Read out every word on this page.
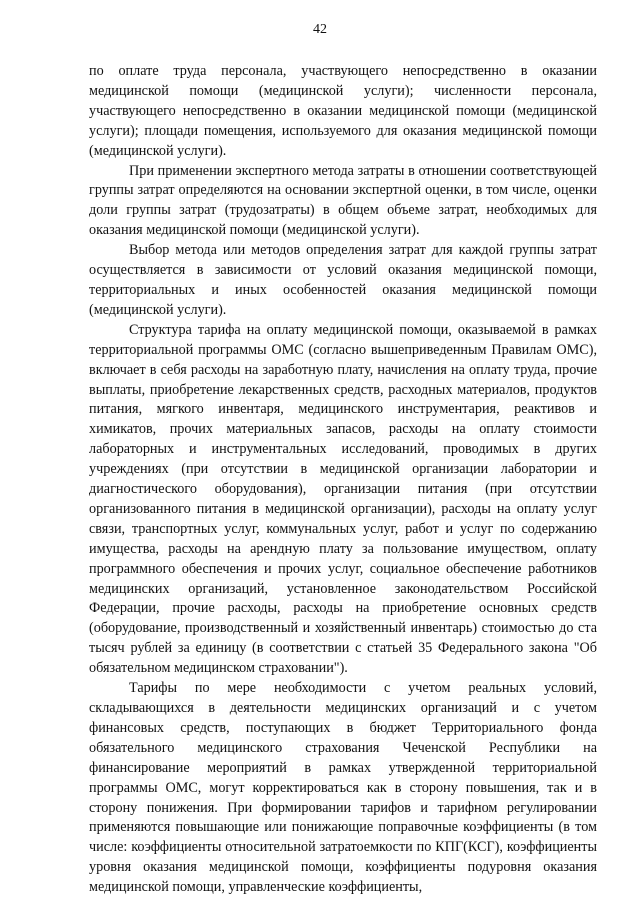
42

по оплате труда персонала, участвующего непосредственно в оказании медицинской помощи (медицинской услуги); численности персонала, участвующего непосредственно в оказании медицинской помощи (медицинской услуги); площади помещения, используемого для оказания медицинской помощи (медицинской услуги).

При применении экспертного метода затраты в отношении соответствующей группы затрат определяются на основании экспертной оценки, в том числе, оценки доли группы затрат (трудозатраты) в общем объеме затрат, необходимых для оказания медицинской помощи (медицинской услуги).

Выбор метода или методов определения затрат для каждой группы затрат осуществляется в зависимости от условий оказания медицинской помощи, территориальных и иных особенностей оказания медицинской помощи (медицинской услуги).

Структура тарифа на оплату медицинской помощи, оказываемой в рамках территориальной программы ОМС (согласно вышеприведенным Правилам ОМС), включает в себя расходы на заработную плату, начисления на оплату труда, прочие выплаты, приобретение лекарственных средств, расходных материалов, продуктов питания, мягкого инвентаря, медицинского инструментария, реактивов и химикатов, прочих материальных запасов, расходы на оплату стоимости лабораторных и инструментальных исследований, проводимых в других учреждениях (при отсутствии в медицинской организации лаборатории и диагностического оборудования), организации питания (при отсутствии организованного питания в медицинской организации), расходы на оплату услуг связи, транспортных услуг, коммунальных услуг, работ и услуг по содержанию имущества, расходы на арендную плату за пользование имуществом, оплату программного обеспечения и прочих услуг, социальное обеспечение работников медицинских организаций, установленное законодательством Российской Федерации, прочие расходы, расходы на приобретение основных средств (оборудование, производственный и хозяйственный инвентарь) стоимостью до ста тысяч рублей за единицу (в соответствии с статьей 35 Федерального закона "Об обязательном медицинском страховании").

Тарифы по мере необходимости с учетом реальных условий, складывающихся в деятельности медицинских организаций и с учетом финансовых средств, поступающих в бюджет Территориального фонда обязательного медицинского страхования Чеченской Республики на финансирование мероприятий в рамках утвержденной территориальной программы ОМС, могут корректироваться как в сторону повышения, так и в сторону понижения. При формировании тарифов и тарифном регулировании применяются повышающие или понижающие поправочные коэффициенты (в том числе: коэффициенты относительной затратоемкости по КПГ(КСГ), коэффициенты уровня оказания медицинской помощи, коэффициенты подуровня оказания медицинской помощи, управленческие коэффициенты,
